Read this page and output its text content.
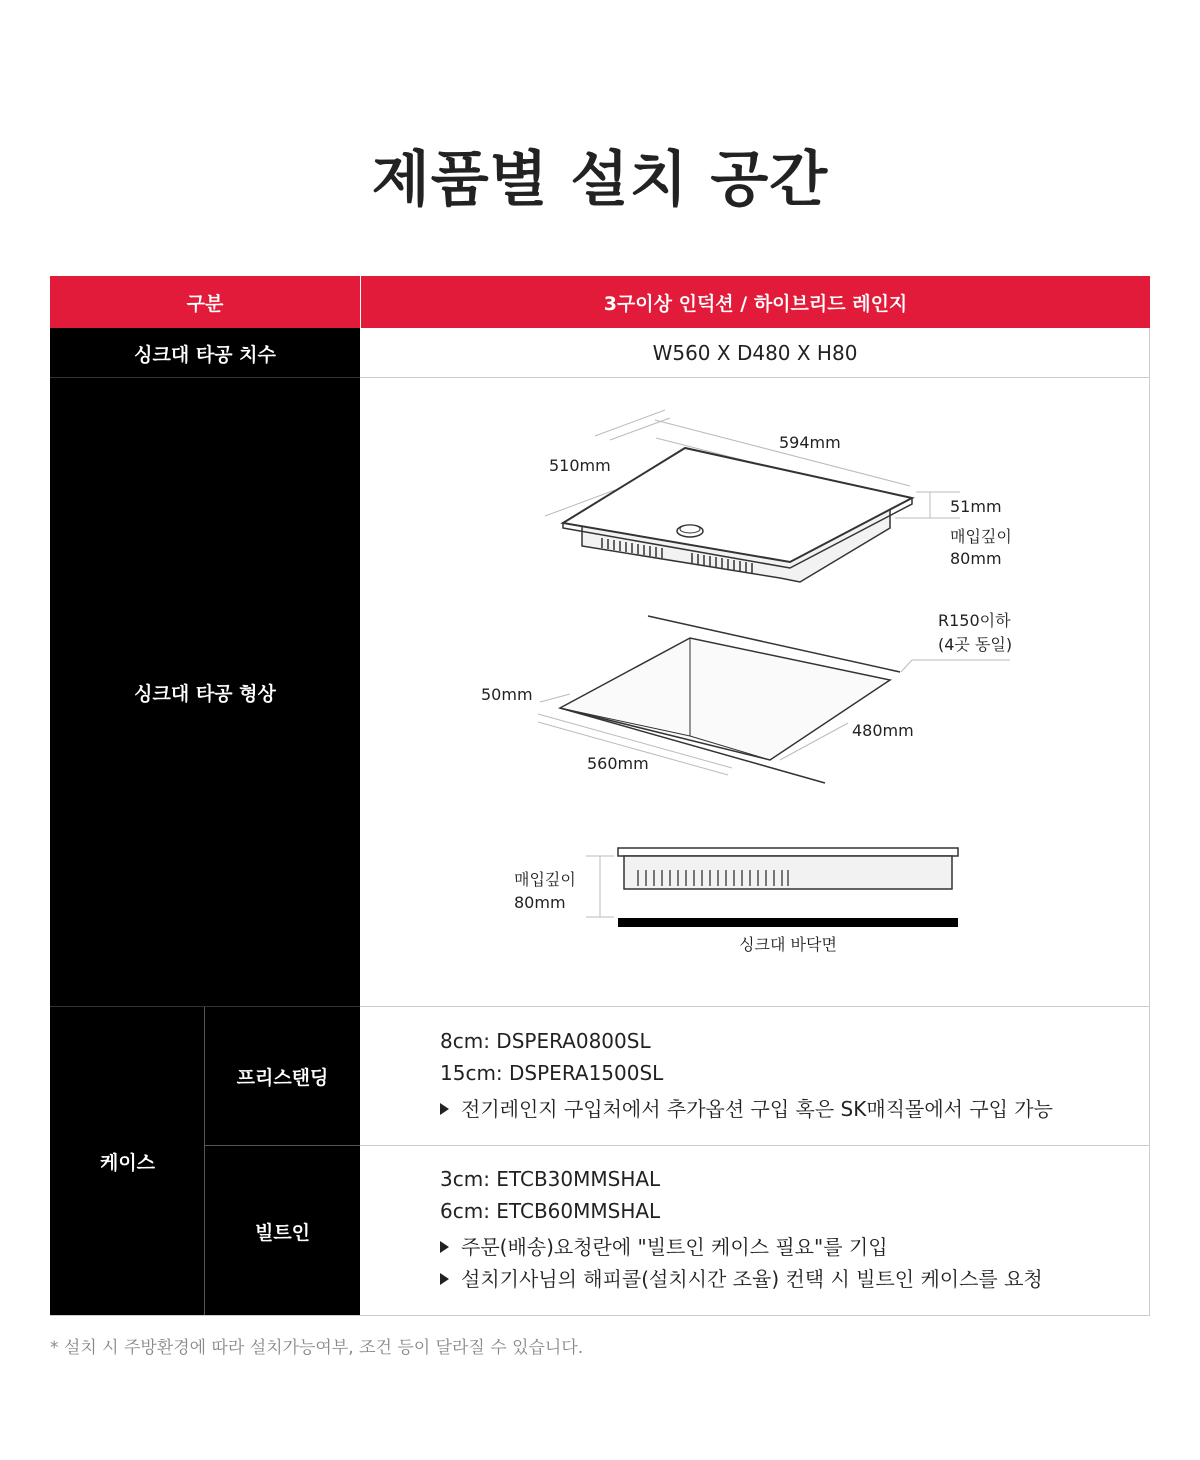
제품별 설치 공간
구분	3구이상 인덕션 / 하이브리드 레인지
싱크대 타공 치수	W560 X D480 X H80
싱크대 타공 형상
510mm
594mm
51mm
매입깊이
80mm
R150이하
(4곳 동일)
50mm
480mm
560mm
매입깊이
80mm
싱크대 바닥면
케이스
프리스탠딩
빌트인
8cm: DSPERA0800SL
15cm: DSPERA1500SL
전기레인지 구입처에서 추가옵션 구입 혹은 SK매직몰에서 구입 가능
3cm: ETCB30MMSHAL
6cm: ETCB60MMSHAL
주문(배송)요청란에 "빌트인 케이스 필요"를 기입
설치기사님의 해피콜(설치시간 조율) 컨택 시 빌트인 케이스를 요청
* 설치 시 주방환경에 따라 설치가능여부, 조건 등이 달라질 수 있습니다.
